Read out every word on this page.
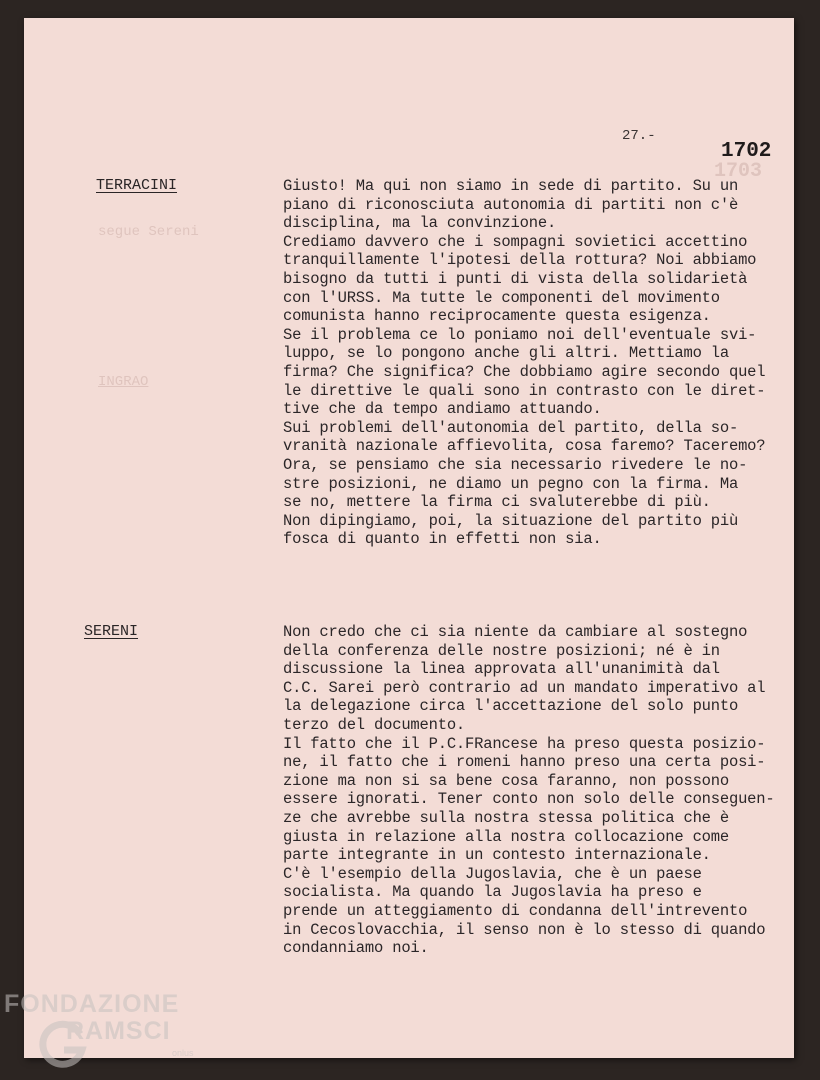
1703
segue Sereni
INGRAO
27.-
1702
TERRACINI	Giusto! Ma qui non siamo in sede di partito. Su un
piano di riconosciuta autonomia di partiti non c'è
disciplina, ma la convinzione.
Crediamo davvero che i sompagni sovietici accettino
tranquillamente l'ipotesi della rottura? Noi abbiamo
bisogno da tutti i punti di vista della solidarietà
con l'URSS. Ma tutte le componenti del movimento
comunista hanno reciprocamente questa esigenza.
Se il problema ce lo poniamo noi dell'eventuale svi-
luppo, se lo pongono anche gli altri. Mettiamo la
firma? Che significa? Che dobbiamo agire secondo quel
le direttive le quali sono in contrasto con le diret-
tive che da tempo andiamo attuando.
Sui problemi dell'autonomia del partito, della so-
vranità nazionale affievolita, cosa faremo? Taceremo?
Ora, se pensiamo che sia necessario rivedere le no-
stre posizioni, ne diamo un pegno con la firma. Ma
se no, mettere la firma ci svaluterebbe di più.
Non dipingiamo, poi, la situazione del partito più
fosca di quanto in effetti non sia.
SERENI	Non credo che ci sia niente da cambiare al sostegno
della conferenza delle nostre posizioni; né è in
discussione la linea approvata all'unanimità dal
C.C. Sarei però contrario ad un mandato imperativo al
la delegazione circa l'accettazione del solo punto
terzo del documento.
Il fatto che il P.C.FRancese ha preso questa posizio-
ne, il fatto che i romeni hanno preso una certa posi-
zione ma non si sa bene cosa faranno, non possono
essere ignorati. Tener conto non solo delle conseguen-
ze che avrebbe sulla nostra stessa politica che è
giusta in relazione alla nostra collocazione come
parte integrante in un contesto internazionale.
C'è l'esempio della Jugoslavia, che è un paese
socialista. Ma quando la Jugoslavia ha preso e
prende un atteggiamento di condanna dell'intrevento
in Cecoslovacchia, il senso non è lo stesso di quando
condanniamo noi.
FONDAZIONE
RAMSCI
onlus
